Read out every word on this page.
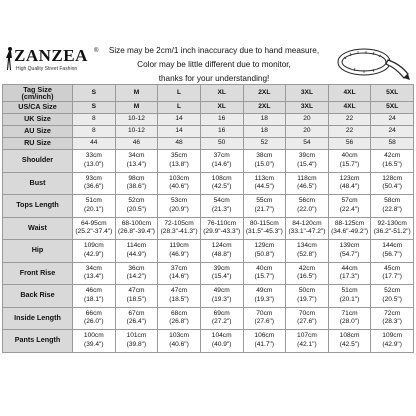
ZANZEA ®
High Quality Street Fashion
Size may be 2cm/1 inch inaccuracy due to hand measure,
Color may be little different due to monitor,
thanks for your understanding!
Tag Size
(cm/inch)	S	M	L	XL	2XL	3XL	4XL	5XL
US/CA Size	S	M	L	XL	2XL	3XL	4XL	5XL
UK Size	8	10-12	14	16	18	20	22	24
AU Size	8	10-12	14	16	18	20	22	24
RU Size	44	46	48	50	52	54	56	58
Shoulder	33cm
(13.0")	34cm
(13.4")	35cm
(13.8")	37cm
(14.6")	38cm
(15.0")	39cm
(15.4")	40cm
(15.7")	42cm
(16.5")

Bust	93cm
(36.6")	98cm
(38.6")	103cm
(40.6")	108cm
(42.5")	113cm
(44.5")	118cm
(46.5")	123cm
(48.4")	128cm
(50.4")

Tops Length	51cm
(20.1")	52cm
(20.5")	53cm
(20.9")	54cm
(21.3")	55cm
(21.7")	56cm
(22.0")	57cm
(22.4")	58cm
(22.8")

Waist	64-95cm
(25.2"-37.4")	68-100cm
(26.8"-39.4")	72-105cm
(28.3"-41.3")	76-110cm
(29.9"-43.3")	80-115cm
(31.5"-45.3")	84-120cm
(33.1"-47.2")	88-125cm
(34.6"-49.2")	92-130cm
(36.2"-51.2")

Hip	109cm
(42.9")	114cm
(44.9")	119cm
(46.9")	124cm
(48.8")	129cm
(50.8")	134cm
(52.8")	139cm
(54.7")	144cm
(56.7")

Front Rise	34cm
(13.4")	36cm
(14.2")	37cm
(14.6")	39cm
(15.4")	40cm
(15.7")	42cm
(16.5")	44cm
(17.3")	45cm
(17.7")

Back Rise	46cm
(18.1")	47cm
(18.5")	47cm
(18.5")	49cm
(19.3")	49cm
(19.3")	50cm
(19.7")	51cm
(20.1")	52cm
(20.5")

Inside Length	66cm
(26.0")	67cm
(26.4")	68cm
(26.8")	69cm
(27.2")	70cm
(27.6")	70cm
(27.6")	71cm
(28.0")	72cm
(28.3")

Pants Length	100cm
(39.4")	101cm
(39.8")	103cm
(40.6")	104cm
(40.9")	106cm
(41.7")	107cm
(42.1")	108cm
(42.5")	109cm
(42.9")
